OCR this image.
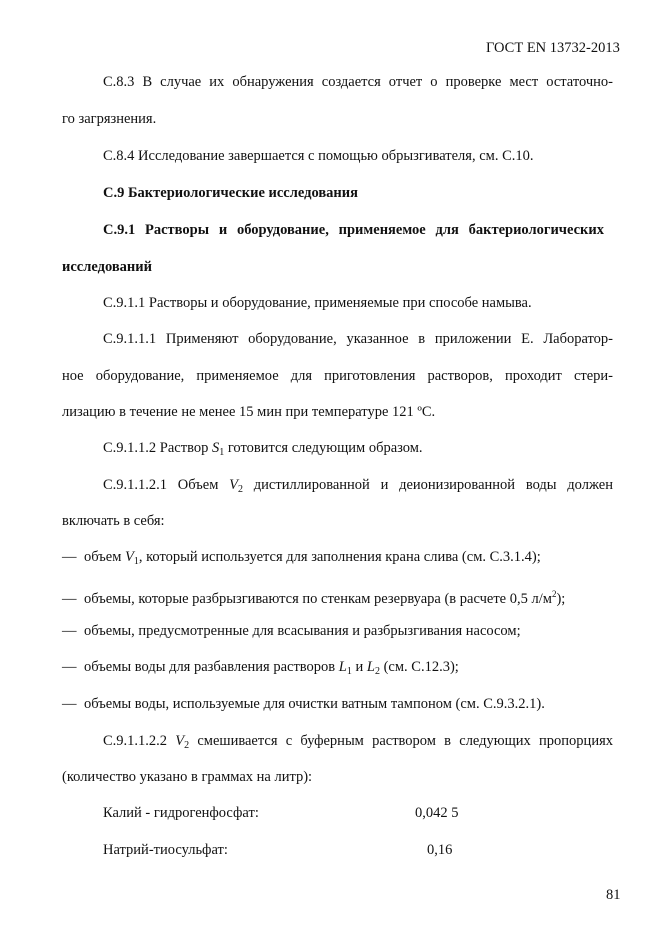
ГОСТ EN 13732-2013
С.8.3 В случае их обнаружения создается отчет о проверке мест остаточно-
го загрязнения.
С.8.4 Исследование завершается с помощью обрызгивателя, см. С.10.
С.9 Бактериологические исследования
С.9.1 Растворы и оборудование, применяемое для бактериологических
исследований
С.9.1.1 Растворы и оборудование, применяемые при способе намыва.
С.9.1.1.1 Применяют оборудование, указанное в приложении Е. Лаборатор-
ное оборудование, применяемое для приготовления растворов, проходит стери-
лизацию в течение не менее 15 мин при температуре 121 ºС.
С.9.1.1.2 Раствор $S_1$ готовится следующим образом.
С.9.1.1.2.1 Объем $V_2$ дистиллированной и деионизированной воды должен
включать в себя:
— объем $V_1$, который используется для заполнения крана слива (см. С.3.1.4);
— объемы, которые разбрызгиваются по стенкам резервуара (в расчете 0,5 $л/м^2$);
— объемы, предусмотренные для всасывания и разбрызгивания насосом;
— объемы воды для разбавления растворов $L_1$ и $L_2$ (см. С.12.3);
— объемы воды, используемые для очистки ватным тампоном (см. С.9.3.2.1).
С.9.1.1.2.2 $V_2$ смешивается с буферным раствором в следующих пропорциях
(количество указано в граммах на литр):
Калий - гидрогенфосфат:	0,042 5
Натрий-тиосульфат:	0,16
81
